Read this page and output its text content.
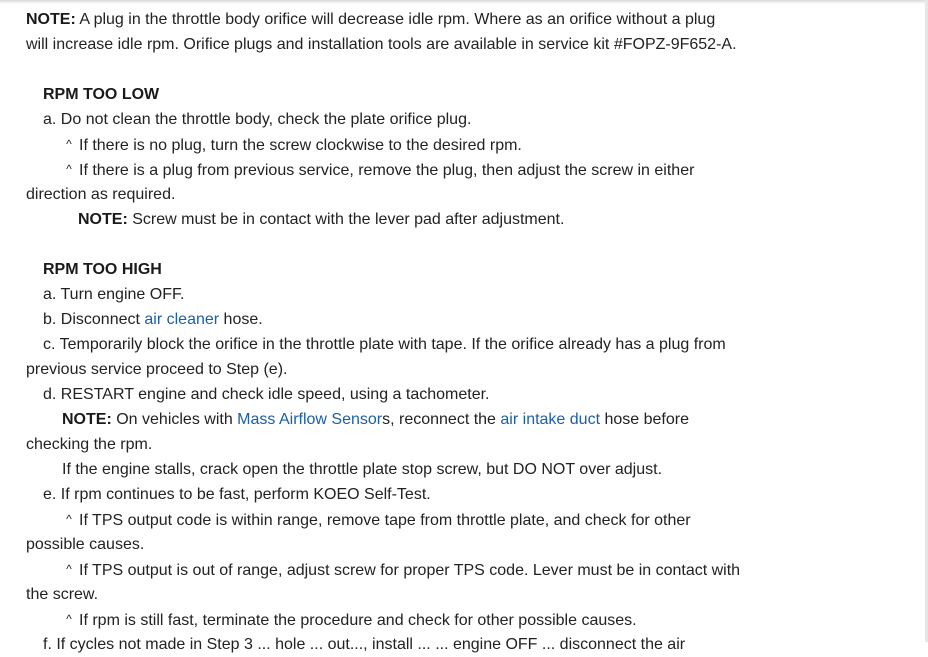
NOTE: A plug in the throttle body orifice will decrease idle rpm. Where as an orifice without a plug
will increase idle rpm. Orifice plugs and installation tools are available in service kit #FOPZ-9F652-A.
RPM TOO LOW
a. Do not clean the throttle body, check the plate orifice plug.
^ If there is no plug, turn the screw clockwise to the desired rpm.
^ If there is a plug from previous service, remove the plug, then adjust the screw in either
direction as required.
NOTE: Screw must be in contact with the lever pad after adjustment.
RPM TOO HIGH
a. Turn engine OFF.
b. Disconnect air cleaner hose.
c. Temporarily block the orifice in the throttle plate with tape. If the orifice already has a plug from
previous service proceed to Step (e).
d. RESTART engine and check idle speed, using a tachometer.
NOTE: On vehicles with Mass Airflow Sensors, reconnect the air intake duct hose before
checking the rpm.
If the engine stalls, crack open the throttle plate stop screw, but DO NOT over adjust.
e. If rpm continues to be fast, perform KOEO Self-Test.
^ If TPS output code is within range, remove tape from throttle plate, and check for other
possible causes.
^ If TPS output is out of range, adjust screw for proper TPS code. Lever must be in contact with
the screw.
^ If rpm is still fast, terminate the procedure and check for other possible causes.
f. If cycles not made in Step 3 ... hole ... out..., install ... ... engine OFF ... disconnect the air
